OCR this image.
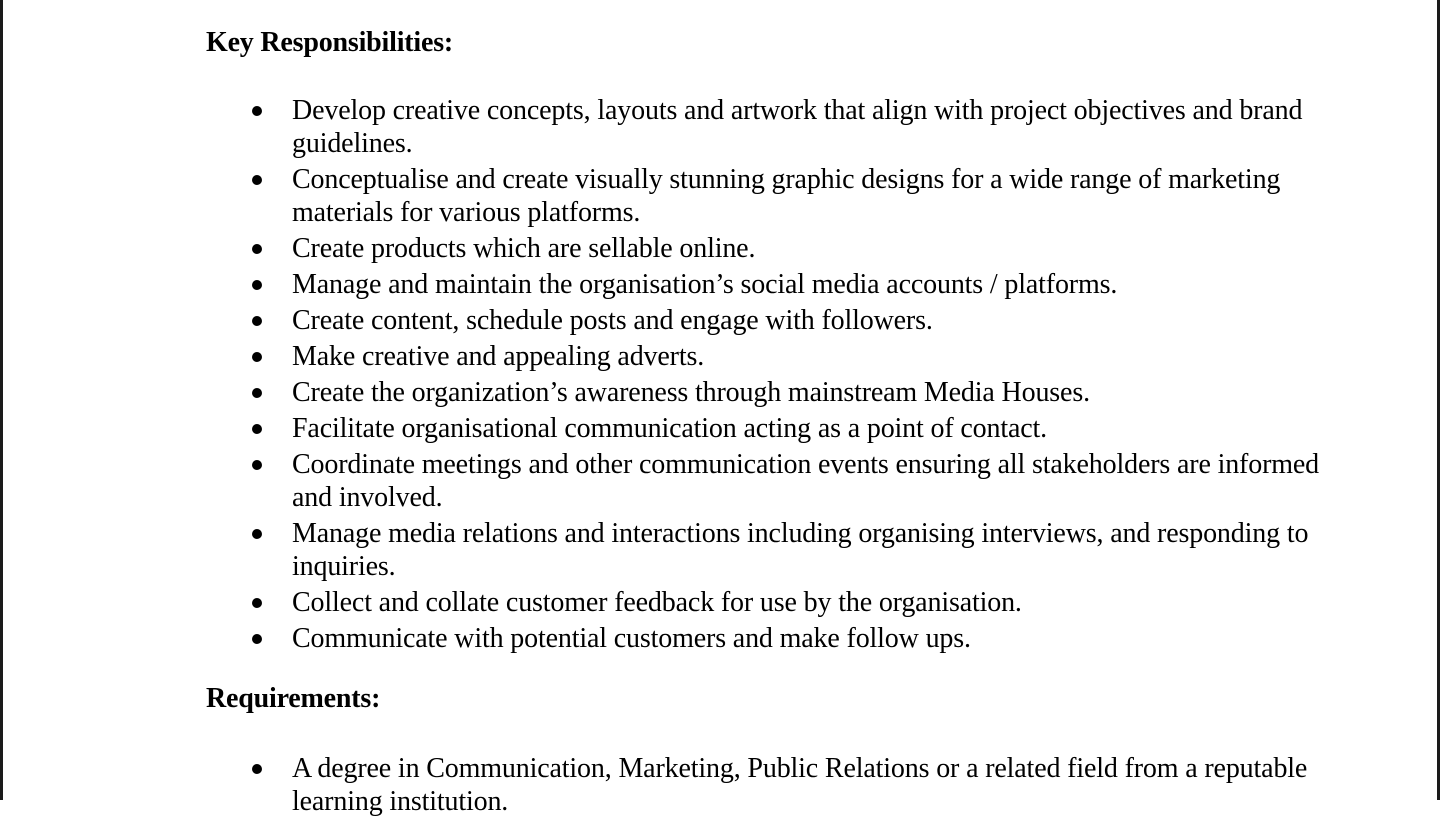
Key Responsibilities:
Develop creative concepts, layouts and artwork that align with project objectives and brand guidelines.
Conceptualise and create visually stunning graphic designs for a wide range of marketing materials for various platforms.
Create products which are sellable online.
Manage and maintain the organisation’s social media accounts / platforms.
Create content, schedule posts and engage with followers.
Make creative and appealing adverts.
Create the organization’s awareness through mainstream Media Houses.
Facilitate organisational communication acting as a point of contact.
Coordinate meetings and other communication events ensuring all stakeholders are informed and involved.
Manage media relations and interactions including organising interviews, and responding to inquiries.
Collect and collate customer feedback for use by the organisation.
Communicate with potential customers and make follow ups.
Requirements:
A degree in Communication, Marketing, Public Relations or a related field from a reputable learning institution.
